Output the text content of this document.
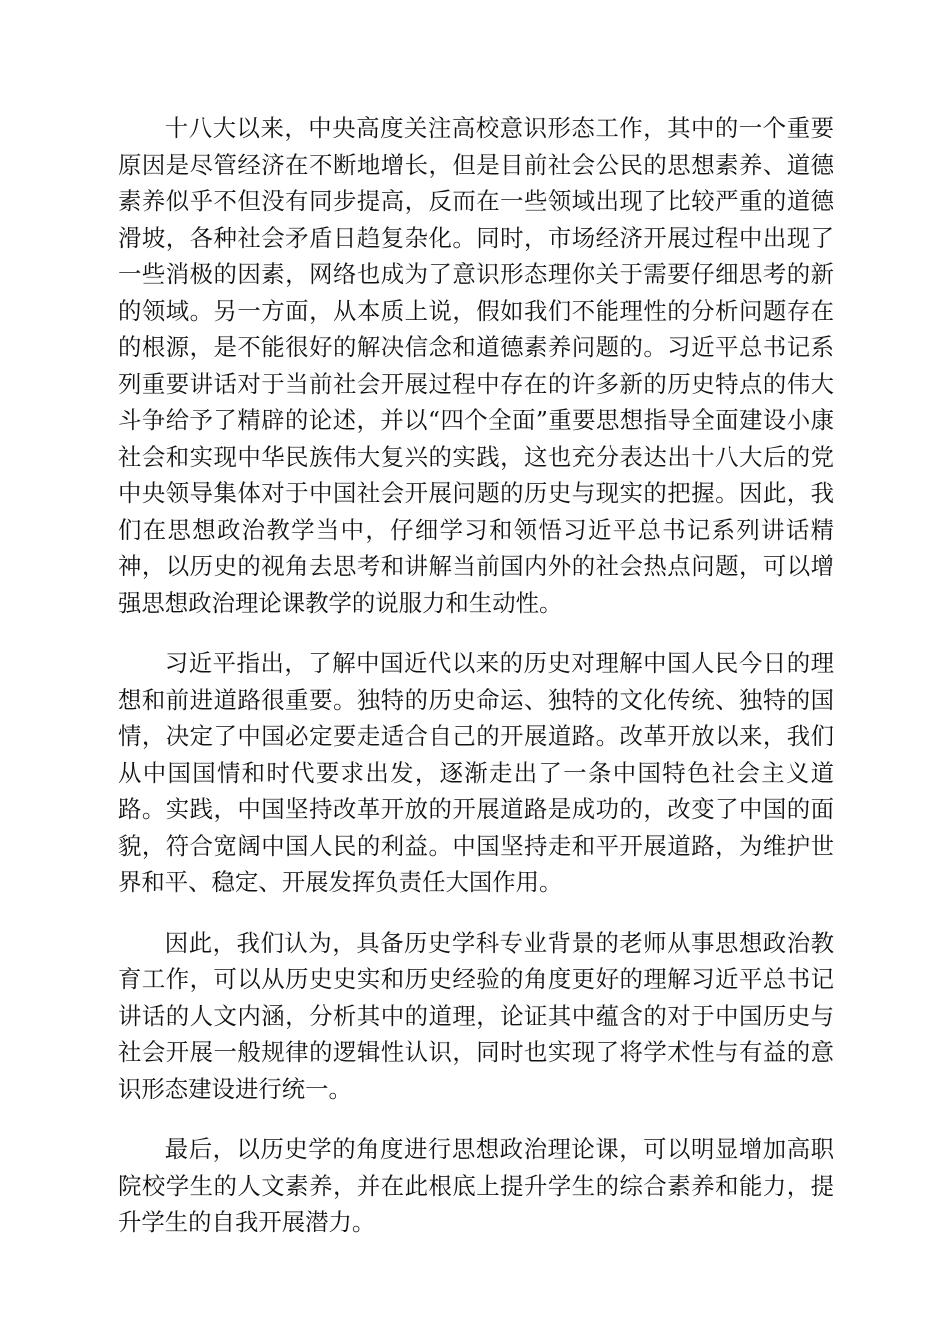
十八大以来，中央高度关注高校意识形态工作，其中的一个重要原因是尽管经济在不断地增长，但是目前社会公民的思想素养、道德素养似乎不但没有同步提高，反而在一些领域出现了比较严重的道德滑坡，各种社会矛盾日趋复杂化。同时，市场经济开展过程中出现了一些消极的因素，网络也成为了意识形态理你关于需要仔细思考的新的领域。另一方面，从本质上说，假如我们不能理性的分析问题存在的根源，是不能很好的解决信念和道德素养问题的。习近平总书记系列重要讲话对于当前社会开展过程中存在的许多新的历史特点的伟大斗争给予了精辟的论述，并以“四个全面”重要思想指导全面建设小康社会和实现中华民族伟大复兴的实践，这也充分表达出十八大后的党中央领导集体对于中国社会开展问题的历史与现实的把握。因此，我们在思想政治教学当中，仔细学习和领悟习近平总书记系列讲话精神，以历史的视角去思考和讲解当前国内外的社会热点问题，可以增强思想政治理论课教学的说服力和生动性。

习近平指出，了解中国近代以来的历史对理解中国人民今日的理想和前进道路很重要。独特的历史命运、独特的文化传统、独特的国情，决定了中国必定要走适合自己的开展道路。改革开放以来，我们从中国国情和时代要求出发，逐渐走出了一条中国特色社会主义道路。实践，中国坚持改革开放的开展道路是成功的，改变了中国的面貌，符合宽阔中国人民的利益。中国坚持走和平开展道路，为维护世界和平、稳定、开展发挥负责任大国作用。

因此，我们认为，具备历史学科专业背景的老师从事思想政治教育工作，可以从历史史实和历史经验的角度更好的理解习近平总书记讲话的人文内涵，分析其中的道理，论证其中蕴含的对于中国历史与社会开展一般规律的逻辑性认识，同时也实现了将学术性与有益的意识形态建设进行统一。

最后，以历史学的角度进行思想政治理论课，可以明显增加高职院校学生的人文素养，并在此根底上提升学生的综合素养和能力，提升学生的自我开展潜力。
